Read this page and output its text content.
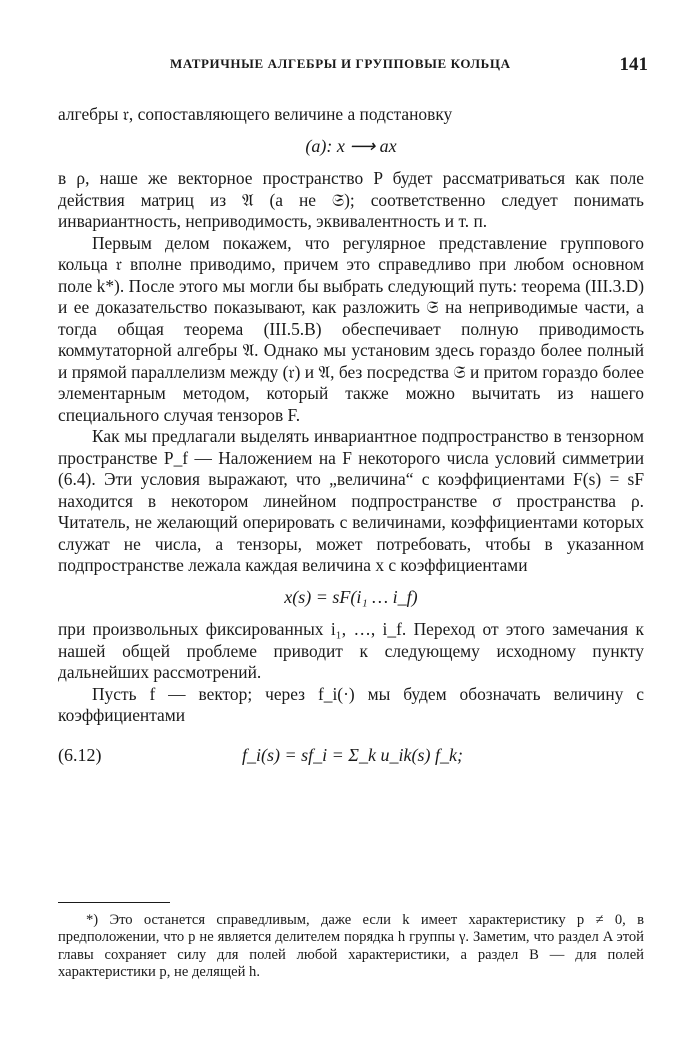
МАТРИЧНЫЕ АЛГЕБРЫ И ГРУППОВЫЕ КОЛЬЦА	141

алгебры 𝔯, сопоставляющего величине a подстановку

(a): x ⟶ ax

в ρ, наше же векторное пространство P будет рассматриваться как поле действия матриц из 𝔄 (а не 𝔖); соответственно следует понимать инвариантность, неприводимость, эквивалентность и т. п.

Первым делом покажем, что регулярное представление группового кольца 𝔯 вполне приводимо, причем это справедливо при любом основном поле k*). После этого мы могли бы выбрать следующий путь: теорема (III.3.D) и ее доказательство показывают, как разложить 𝔖 на неприводимые части, а тогда общая теорема (III.5.B) обеспечивает полную приводимость коммутаторной алгебры 𝔄. Однако мы установим здесь гораздо более полный и прямой параллелизм между (𝔯) и 𝔄, без посредства 𝔖 и притом гораздо более элементарным методом, который также можно вычитать из нашего специального случая тензоров F.

Как мы предлагали выделять инвариантное подпространство в тензорном пространстве P_f — Наложением на F некоторого числа условий симметрии (6.4). Эти условия выражают, что „величина“ с коэффициентами F(s) = sF находится в некотором линейном подпространстве σ пространства ρ. Читатель, не желающий оперировать с величинами, коэффициентами которых служат не числа, а тензоры, может потребовать, чтобы в указанном подпространстве лежала каждая величина x с коэффициентами

x(s) = sF(i₁ … i_f)

при произвольных фиксированных i₁, …, i_f. Переход от этого замечания к нашей общей проблеме приводит к следующему исходному пункту дальнейших рассмотрений.

Пусть f — вектор; через f_i(·) мы будем обозначать величину с коэффициентами

(6.12)	f_i(s) = sf_i = Σ_k u_ik(s) f_k;

*) Это останется справедливым, даже если k имеет характеристику p ≠ 0, в предположении, что p не является делителем порядка h группы γ. Заметим, что раздел A этой главы сохраняет силу для полей любой характеристики, а раздел B — для полей характеристики p, не делящей h.
